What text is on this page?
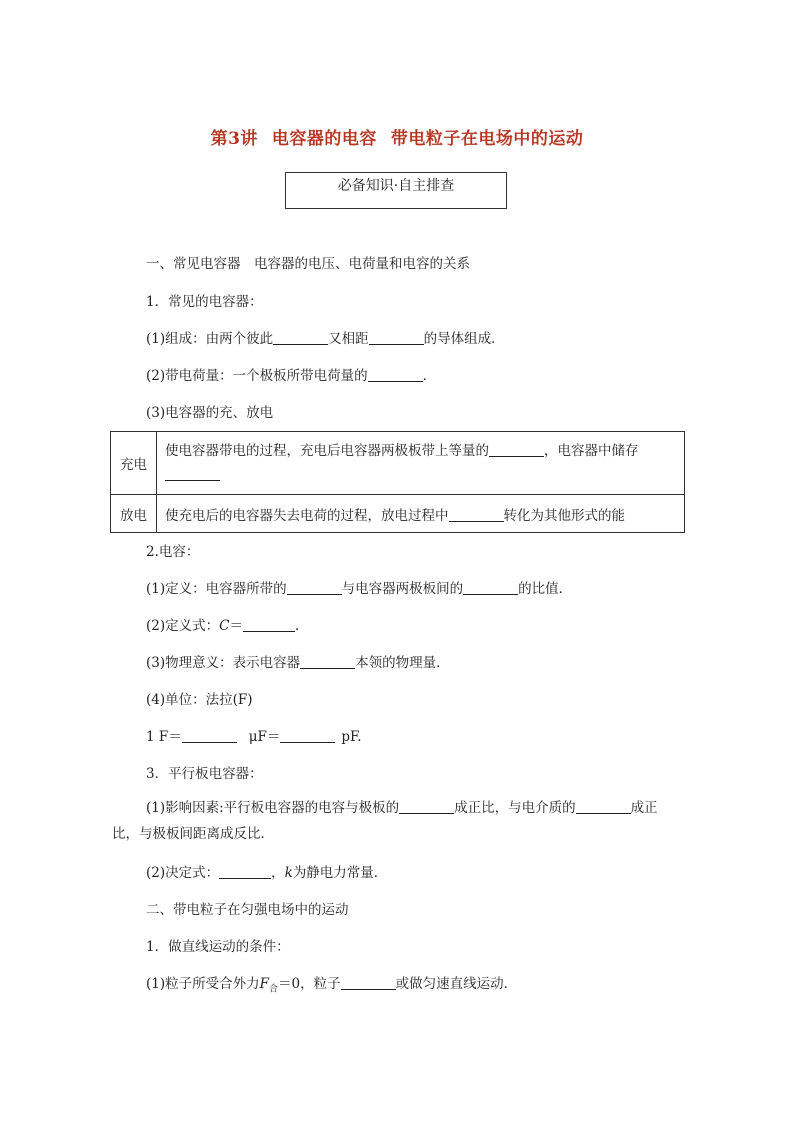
第3讲 电容器的电容 带电粒子在电场中的运动
必备知识·自主排查
一、常见电容器　电容器的电压、电荷量和电容的关系
1．常见的电容器：
(1)组成：由两个彼此	又相距	的导体组成．
(2)带电荷量：一个极板所带电荷量的	．
(3)电容器的充、放电
充电	使电容器带电的过程，充电后电容器两极板带上等量的 ，电容器中储存

放电	使充电后的电容器失去电荷的过程，放电过程中 转化为其他形式的能
2.电容：
(1)定义：电容器所带的	与电容器两极板间的	的比值．
(2)定义式：C＝	．
(3)物理意义：表示电容器	本领的物理量．
(4)单位：法拉(F)
1 F＝	μF＝	pF.
3．平行板电容器：
(1)影响因素:平行板电容器的电容与极板的	成正比，与电介质的	成正比，与极板间距离成反比．
(2)决定式：	，k为静电力常量．
二、带电粒子在匀强电场中的运动
1．做直线运动的条件：
(1)粒子所受合外力$F_合=0$，粒子	或做匀速直线运动．
